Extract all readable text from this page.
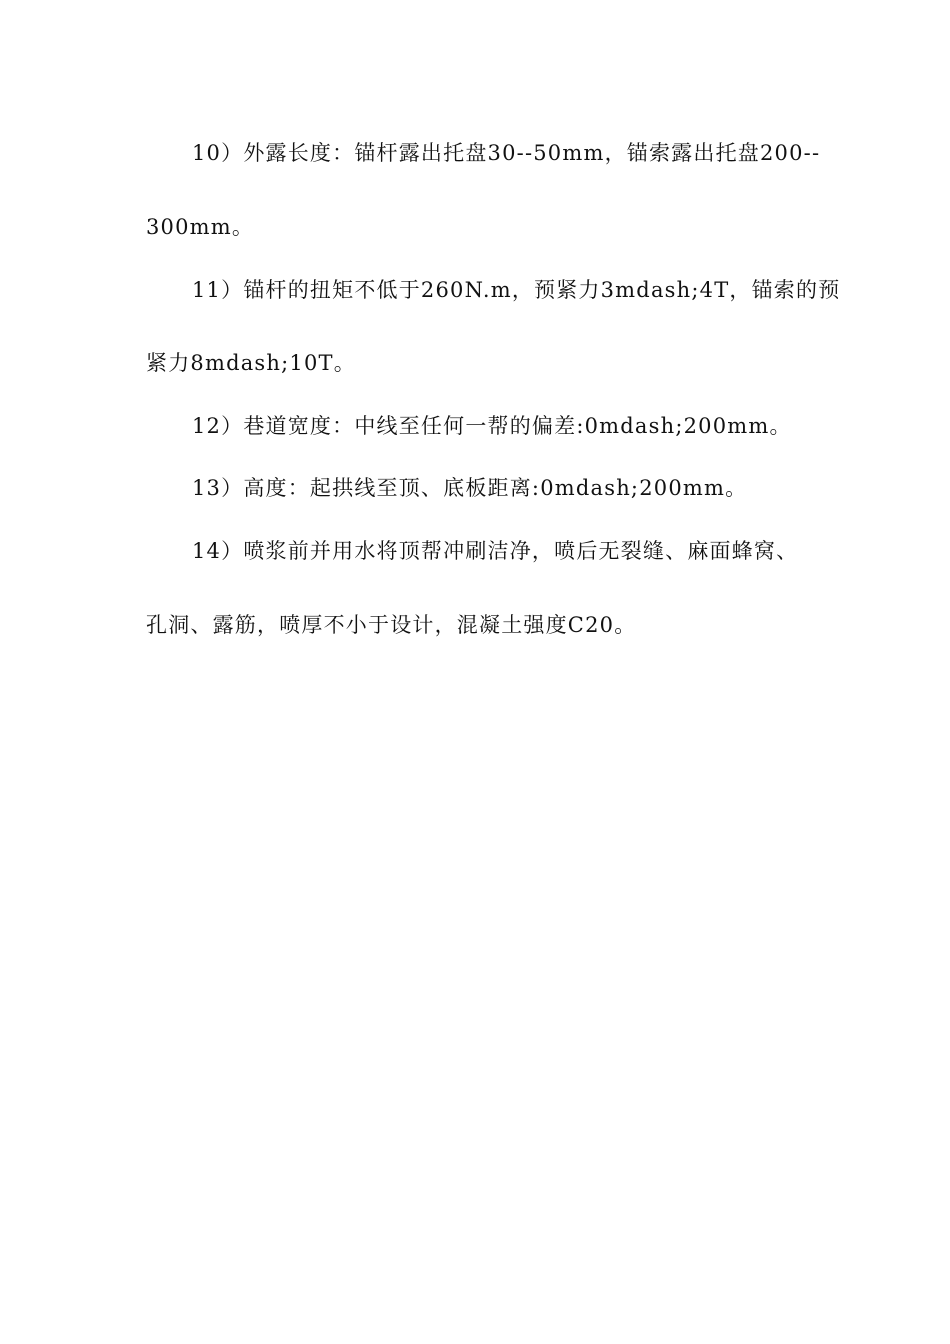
10）外露长度：锚杆露出托盘30--50mm，锚索露出托盘200--
300mm。
11）锚杆的扭矩不低于260N.m，预紧力3mdash;4T，锚索的预
紧力8mdash;10T。
12）巷道宽度：中线至任何一帮的偏差:0mdash;200mm。
13）高度：起拱线至顶、底板距离:0mdash;200mm。
14）喷浆前并用水将顶帮冲刷洁净，喷后无裂缝、麻面蜂窝、
孔洞、露筋，喷厚不小于设计，混凝土强度C20。
